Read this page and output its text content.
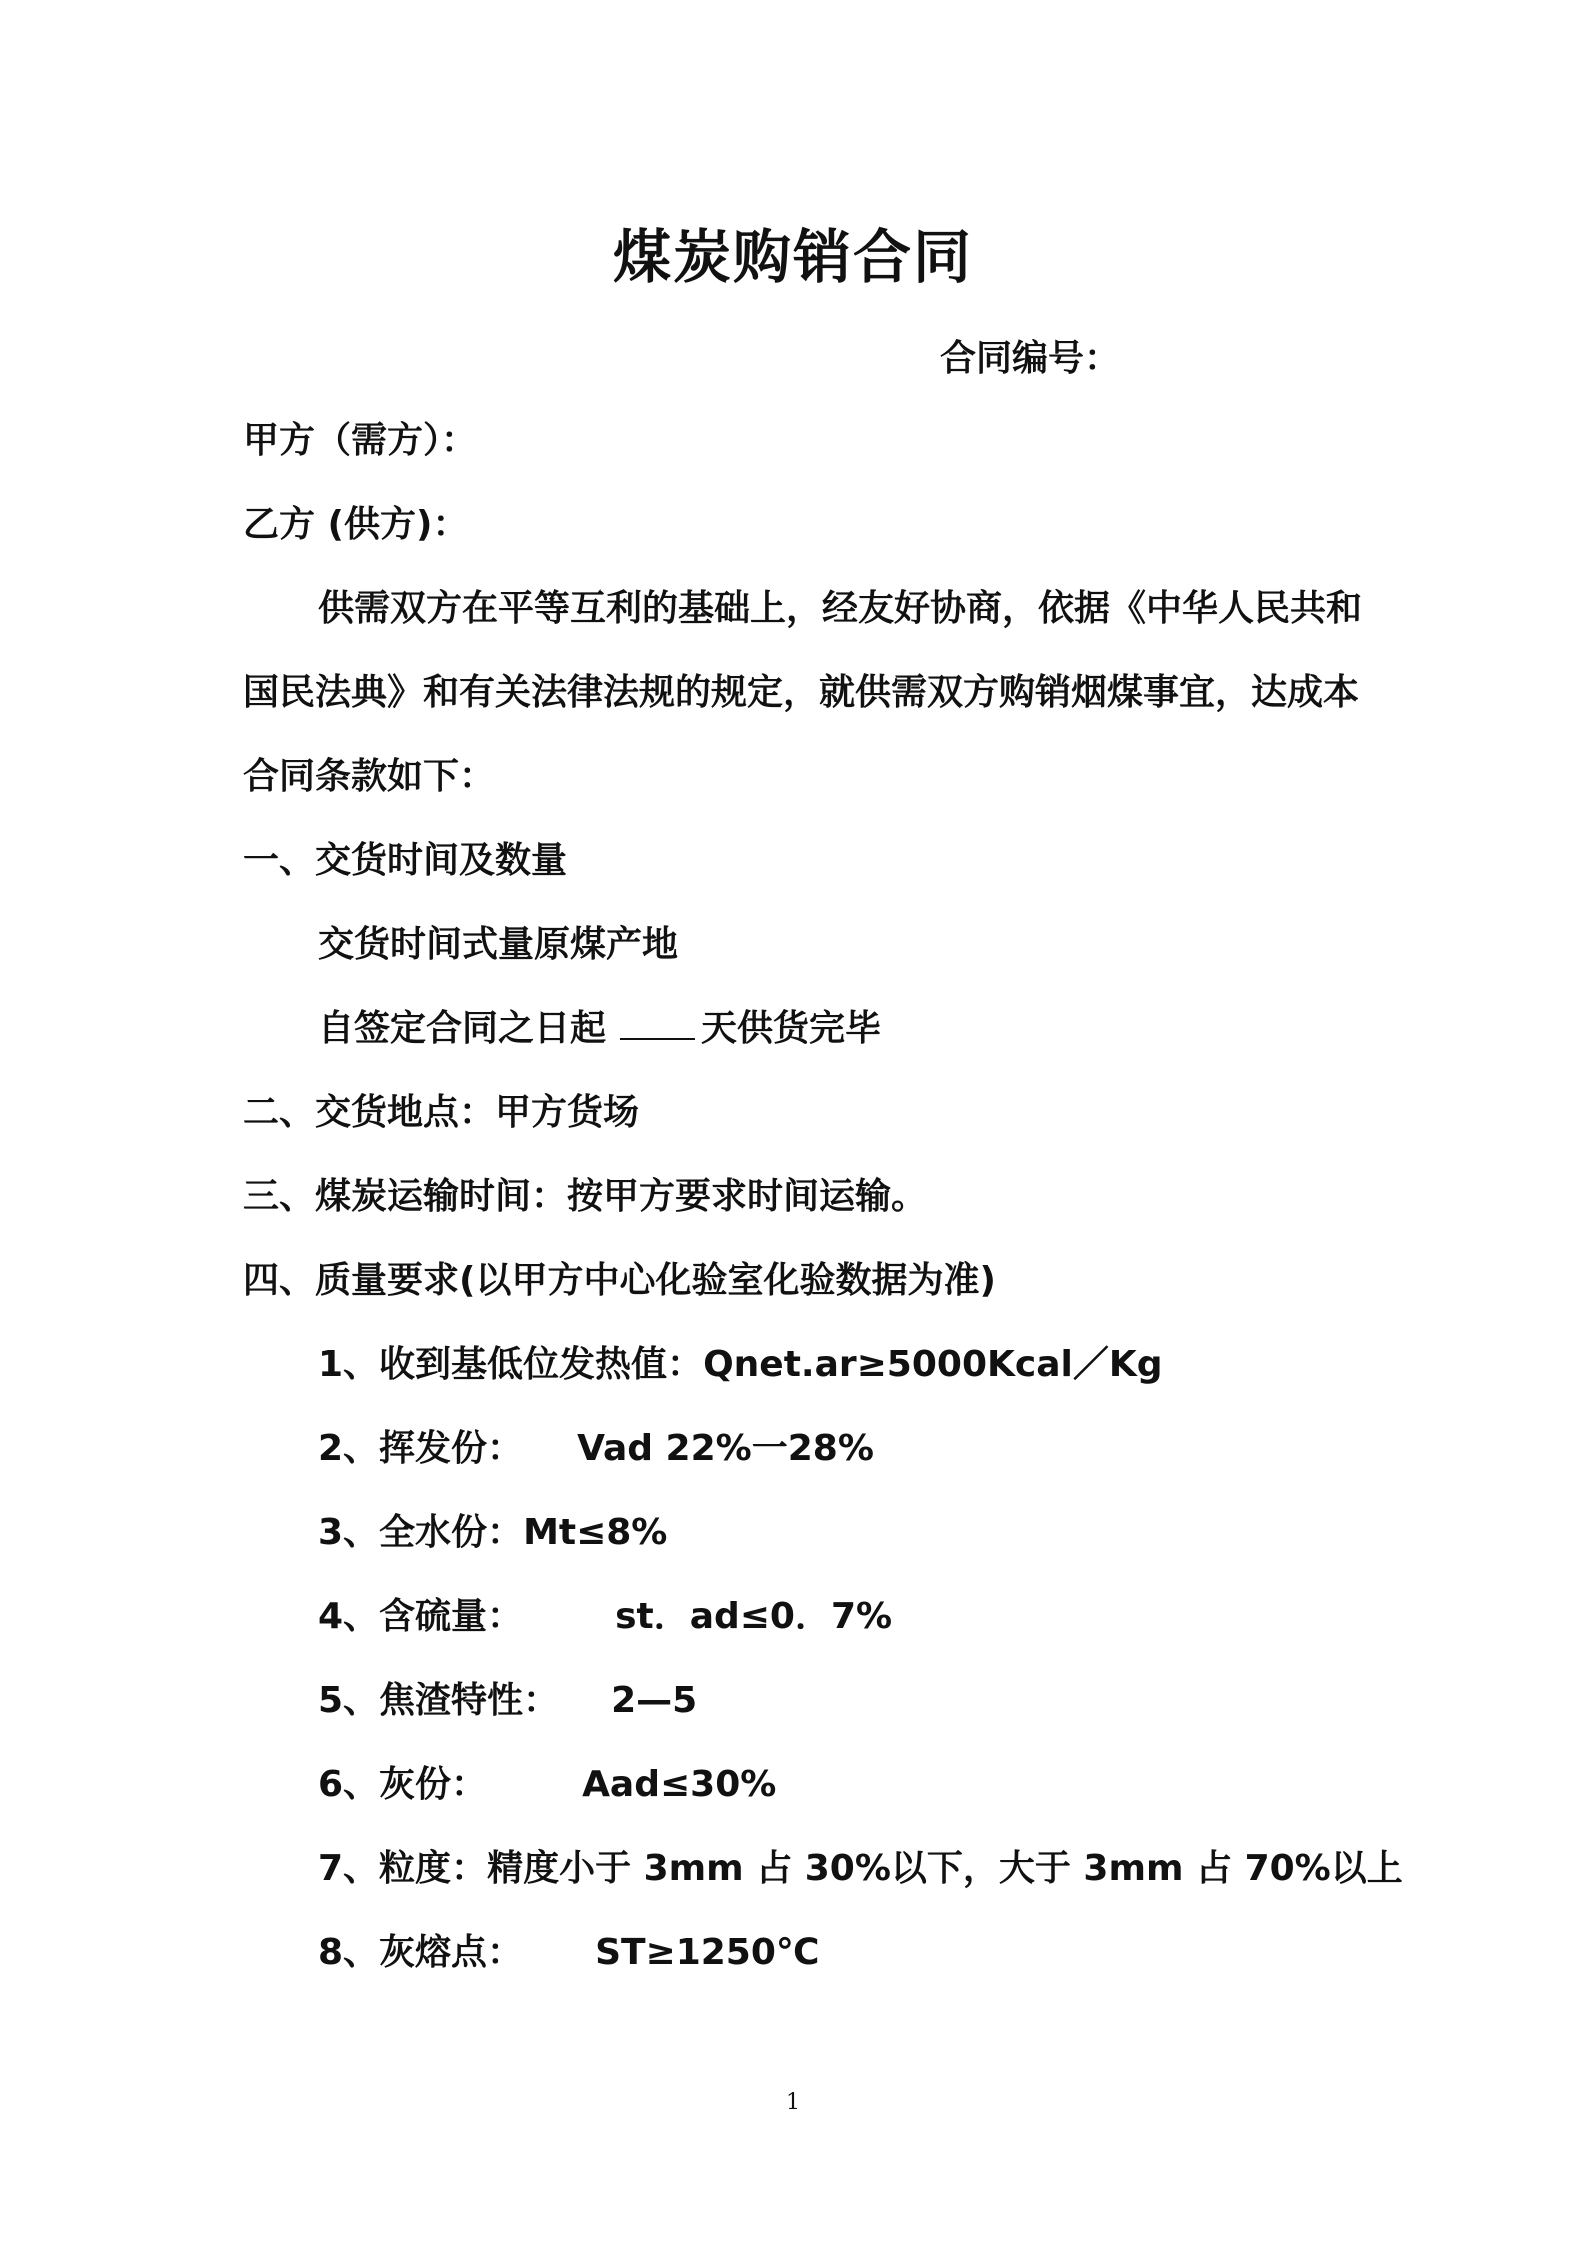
煤炭购销合同
合同编号：
甲方（需方）：
乙方 (供方)：
供需双方在平等互利的基础上，经友好协商，依据《中华人民共和
国民法典》和有关法律法规的规定，就供需双方购销烟煤事宜，达成本
合同条款如下：
一、交货时间及数量
交货时间式量原煤产地
自签定合同之日起	天供货完毕
二、交货地点：甲方货场
三、煤炭运输时间：按甲方要求时间运输。
四、质量要求(以甲方中心化验室化验数据为准)
1、收到基低位发热值：Qnet.ar≥5000Kcal／Kg
2、挥发份： Vad 22%一28%
3、全水份：Mt≤8%
4、含硫量：	st．ad≤0．7%
5、焦渣特性： 2—5
6、灰份：	Aad≤30%
7、粒度：精度小于 3mm 占 30%以下，大于 3mm 占 70%以上
8、灰熔点： ST≥1250℃
1
